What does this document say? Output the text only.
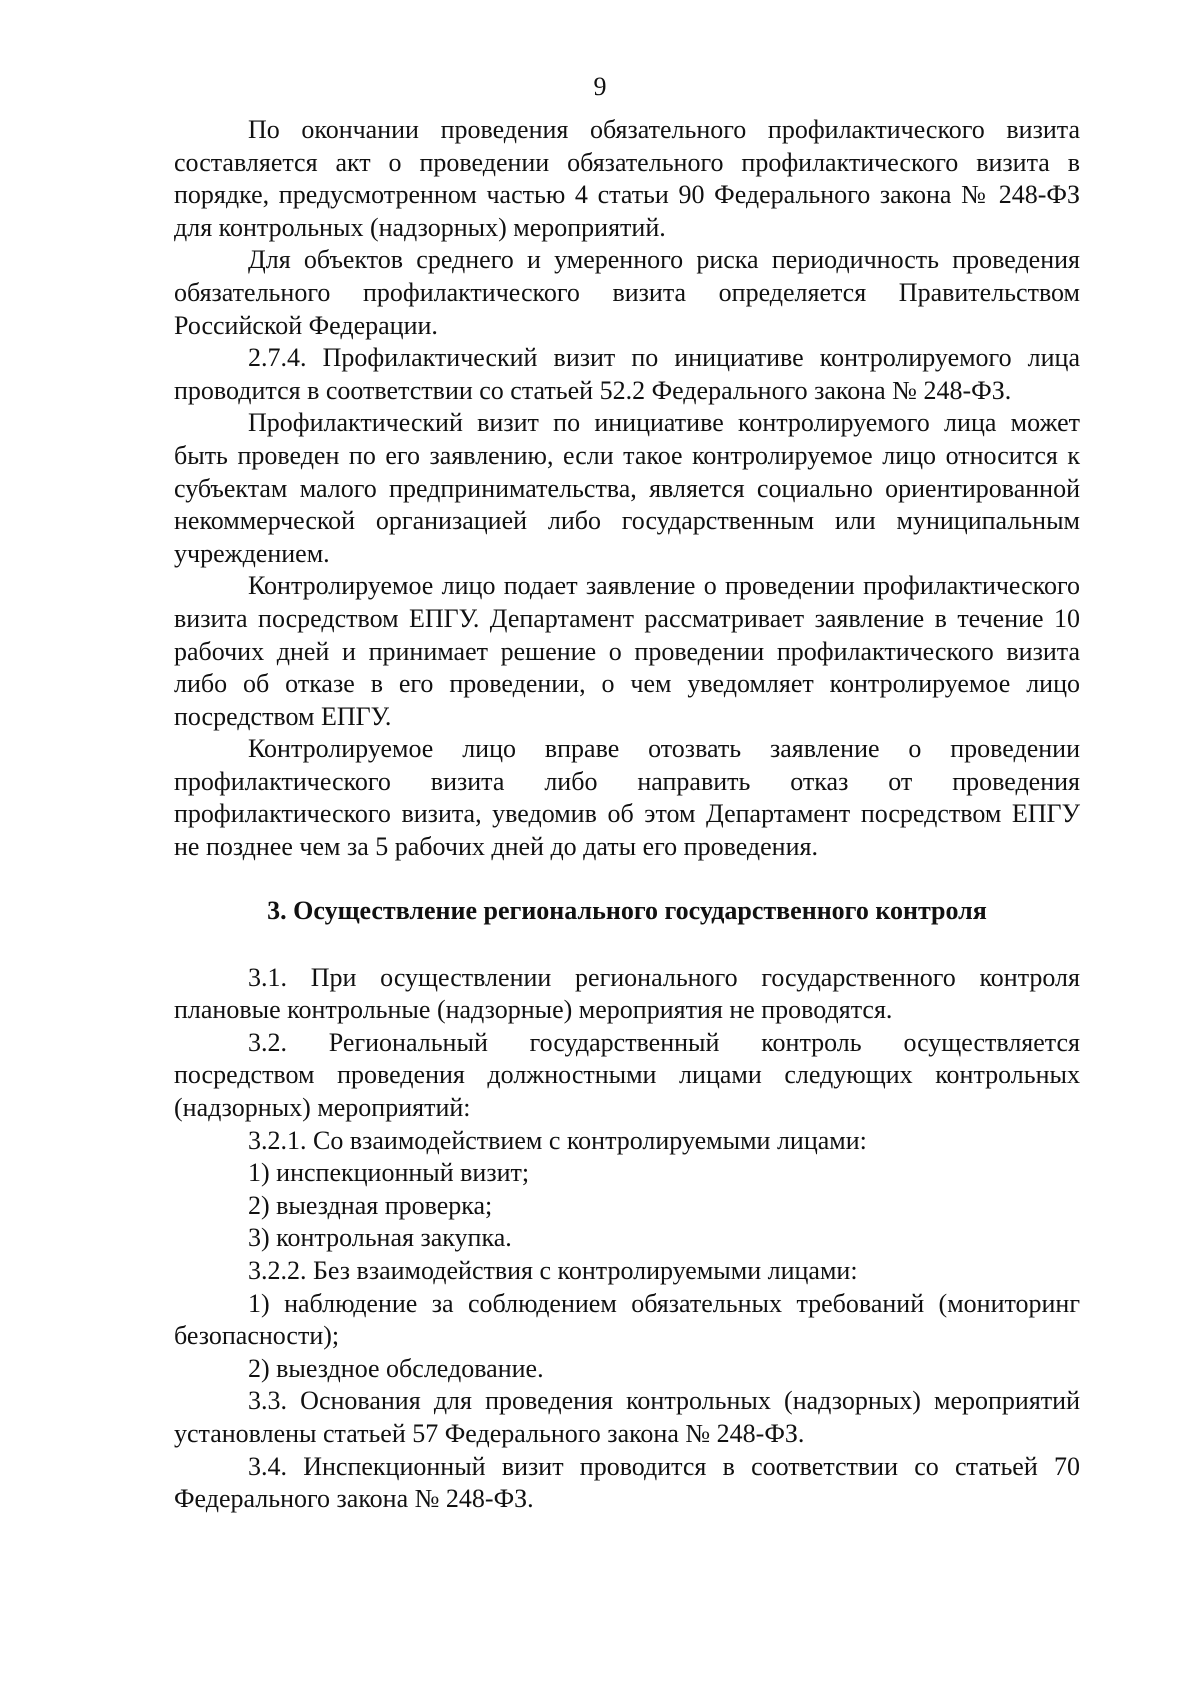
9

По окончании проведения обязательного профилактического визита составляется акт о проведении обязательного профилактического визита в порядке, предусмотренном частью 4 статьи 90 Федерального закона № 248-ФЗ для контрольных (надзорных) мероприятий.

Для объектов среднего и умеренного риска периодичность проведения обязательного профилактического визита определяется Правительством Российской Федерации.

2.7.4. Профилактический визит по инициативе контролируемого лица проводится в соответствии со статьей 52.2 Федерального закона № 248-ФЗ.

Профилактический визит по инициативе контролируемого лица может быть проведен по его заявлению, если такое контролируемое лицо относится к субъектам малого предпринимательства, является социально ориентированной некоммерческой организацией либо государственным или муниципальным учреждением.

Контролируемое лицо подает заявление о проведении профилактического визита посредством ЕПГУ. Департамент рассматривает заявление в течение 10 рабочих дней и принимает решение о проведении профилактического визита либо об отказе в его проведении, о чем уведомляет контролируемое лицо посредством ЕПГУ.

Контролируемое лицо вправе отозвать заявление о проведении профилактического визита либо направить отказ от проведения профилактического визита, уведомив об этом Департамент посредством ЕПГУ не позднее чем за 5 рабочих дней до даты его проведения.

3. Осуществление регионального государственного контроля

3.1. При осуществлении регионального государственного контроля плановые контрольные (надзорные) мероприятия не проводятся.

3.2. Региональный государственный контроль осуществляется посредством проведения должностными лицами следующих контрольных (надзорных) мероприятий:

3.2.1. Со взаимодействием с контролируемыми лицами:

1) инспекционный визит;

2) выездная проверка;

3) контрольная закупка.

3.2.2. Без взаимодействия с контролируемыми лицами:

1) наблюдение за соблюдением обязательных требований (мониторинг безопасности);

2) выездное обследование.

3.3. Основания для проведения контрольных (надзорных) мероприятий установлены статьей 57 Федерального закона № 248-ФЗ.

3.4. Инспекционный визит проводится в соответствии со статьей 70 Федерального закона № 248-ФЗ.
